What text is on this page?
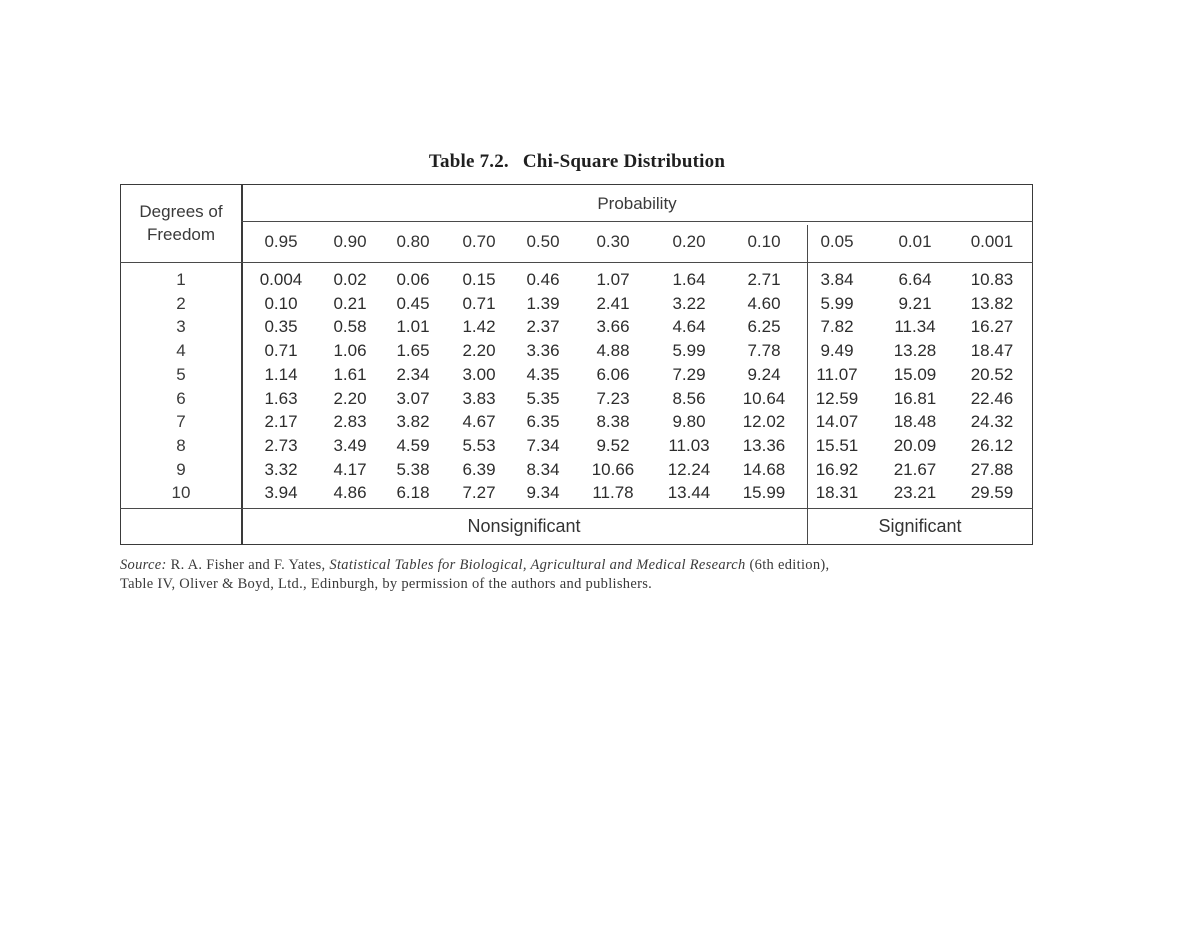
Table 7.2. Chi-Square Distribution
Degrees of
Freedom
Probability
0.95	0.90	0.80	0.70	0.50	0.30	0.20	0.10	0.05	0.01	0.001
1	0.004	0.02	0.06	0.15	0.46	1.07	1.64	2.71	3.84	6.64	10.83
2	0.10	0.21	0.45	0.71	1.39	2.41	3.22	4.60	5.99	9.21	13.82
3	0.35	0.58	1.01	1.42	2.37	3.66	4.64	6.25	7.82	11.34	16.27
4	0.71	1.06	1.65	2.20	3.36	4.88	5.99	7.78	9.49	13.28	18.47
5	1.14	1.61	2.34	3.00	4.35	6.06	7.29	9.24	11.07	15.09	20.52
6	1.63	2.20	3.07	3.83	5.35	7.23	8.56	10.64	12.59	16.81	22.46
7	2.17	2.83	3.82	4.67	6.35	8.38	9.80	12.02	14.07	18.48	24.32
8	2.73	3.49	4.59	5.53	7.34	9.52	11.03	13.36	15.51	20.09	26.12
9	3.32	4.17	5.38	6.39	8.34	10.66	12.24	14.68	16.92	21.67	27.88
10	3.94	4.86	6.18	7.27	9.34	11.78	13.44	15.99	18.31	23.21	29.59
Nonsignificant	Significant
Source: R. A. Fisher and F. Yates, Statistical Tables for Biological, Agricultural and Medical Research (6th edition),
Table IV, Oliver & Boyd, Ltd., Edinburgh, by permission of the authors and publishers.
